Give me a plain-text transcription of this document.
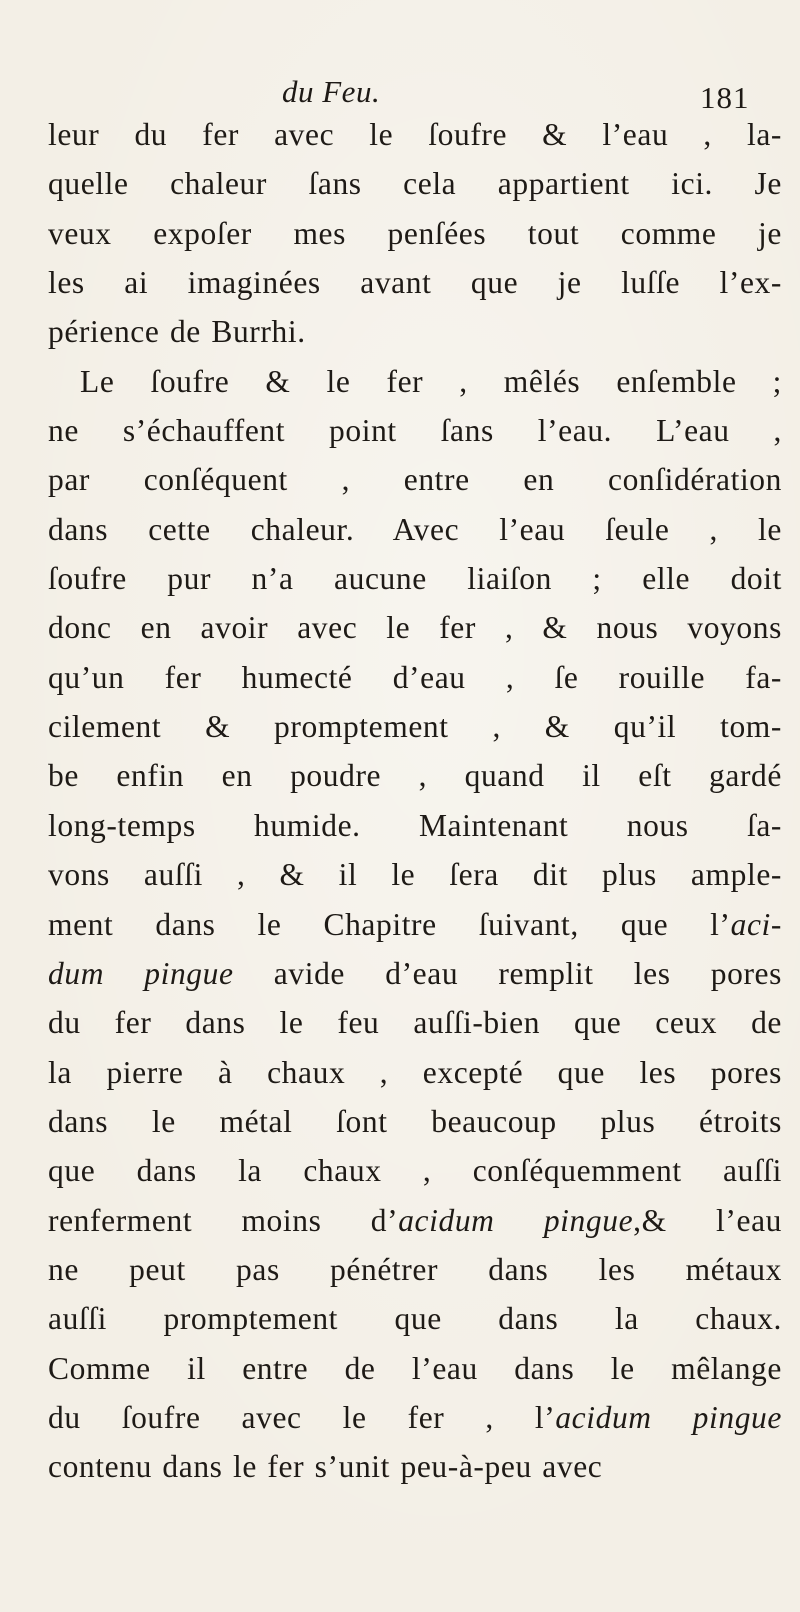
du Feu.	181
leur du fer avec le ſoufre & l’eau , la-
quelle chaleur ſans cela appartient ici. Je
veux expoſer mes penſées tout comme je
les ai imaginées avant que je luſſe l’ex-
périence de Burrhi.
Le ſoufre & le fer , mêlés enſemble ;
ne s’échauffent point ſans l’eau. L’eau ,
par conſéquent , entre en conſidération
dans cette chaleur. Avec l’eau ſeule , le
ſoufre pur n’a aucune liaiſon ; elle doit
donc en avoir avec le fer , & nous voyons
qu’un fer humecté d’eau , ſe rouille fa-
cilement & promptement , & qu’il tom-
be enfin en poudre , quand il eſt gardé
long-temps humide. Maintenant nous ſa-
vons auſſi , & il le ſera dit plus ample-
ment dans le Chapitre ſuivant, que l’aci-
dum pingue avide d’eau remplit les pores
du fer dans le feu auſſi-bien que ceux de
la pierre à chaux , excepté que les pores
dans le métal ſont beaucoup plus étroits
que dans la chaux , conſéquemment auſſi
renferment moins d’acidum pingue,& l’eau
ne peut pas pénétrer dans les métaux
auſſi promptement que dans la chaux.
Comme il entre de l’eau dans le mêlange
du ſoufre avec le fer , l’acidum pingue
contenu dans le fer s’unit peu-à-peu avec
